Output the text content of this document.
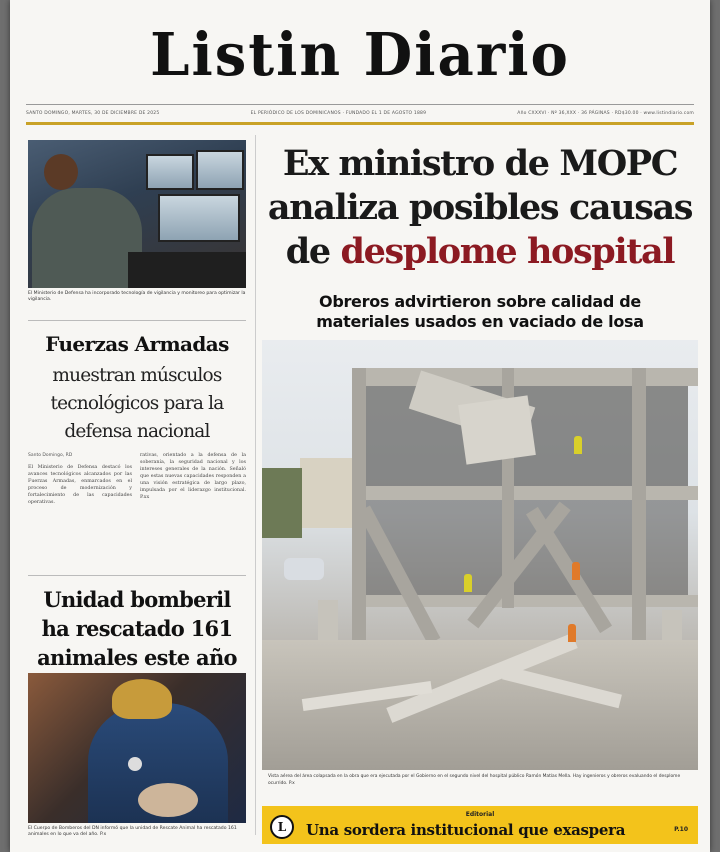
Listin Diario
SANTO DOMINGO, MARTES, 30 DE DICIEMBRE DE 2025	EL PERIÓDICO DE LOS DOMINICANOS · FUNDADO EL 1 DE AGOSTO 1889	Año CXXXVI · Nº 36,XXX · 36 PÁGINAS · RD$30.00 · www.listindiario.com
El Ministerio de Defensa ha incorporado tecnología de vigilancia y monitoreo para optimizar la vigilancia.
Fuerzas Armadas
muestran músculos
tecnológicos para la
defensa nacional
Santo Domingo, RD
El Ministerio de Defensa destacó los avances tecnológicos alcanzados por las Fuerzas Armadas, enmarcados en el proceso de modernización y fortalecimiento de las capacidades operativas.
rativas, orientado a la defensa de la soberanía, la seguridad nacional y los intereses generales de la nación. Señaló que estas nuevas capacidades responden a una visión estratégica de largo plazo, impulsada por el liderazgo institucional. P.xx
Unidad bomberil
ha rescatado 161
animales este año
El Cuerpo de Bomberos del DN informó que la unidad de Rescate Animal ha rescatado 161 animales en lo que va del año. P.x
Ex ministro de MOPC
analiza posibles causas
de desplome hospital
Obreros advirtieron sobre calidad de
materiales usados en vaciado de losa
Vista aérea del área colapsada en la obra que era ejecutada por el Gobierno en el segundo nivel del hospital público Ramón Matías Mella. Hay ingenieros y obreros evaluando el desplome ocurrido. P.x
L
Editorial
Una sordera institucional que exaspera	P.10
